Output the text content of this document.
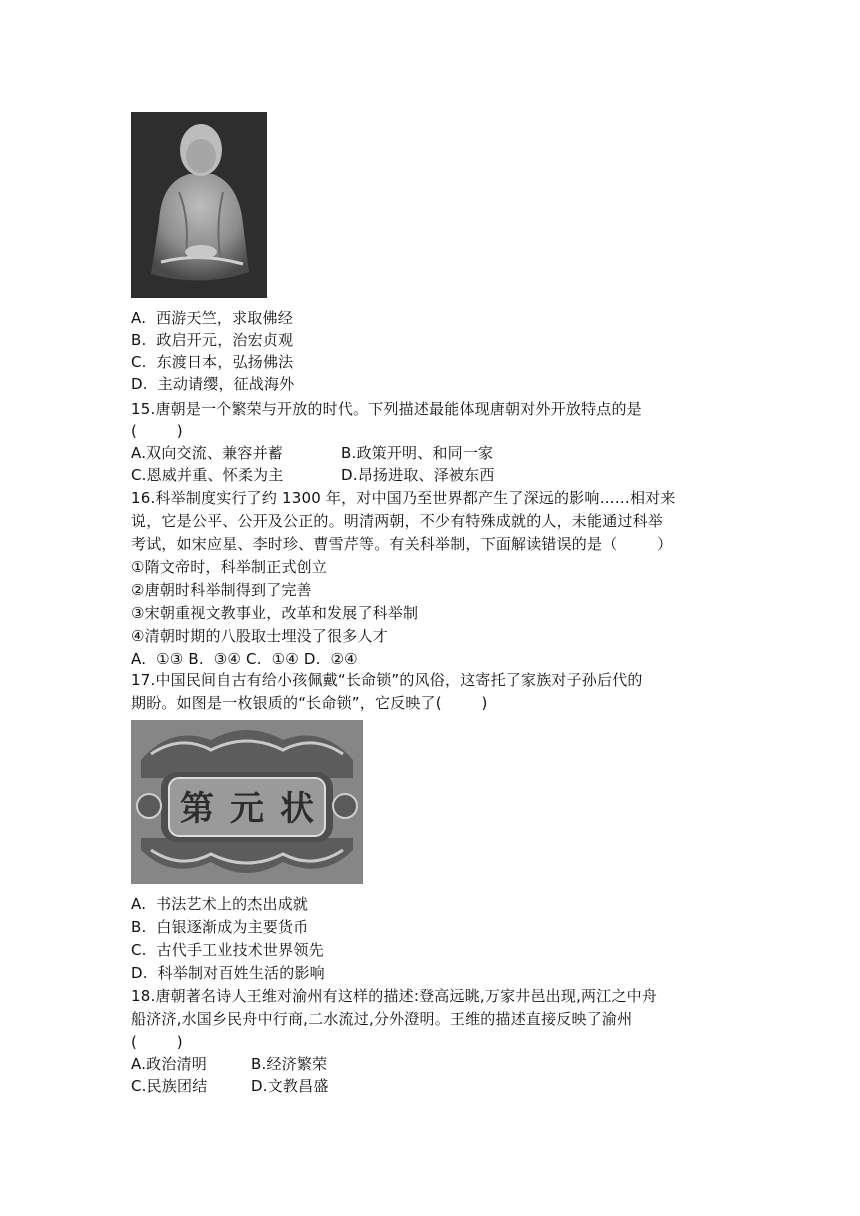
A.  西游天竺，求取佛经
B.  政启开元，治宏贞观
C.  东渡日本，弘扬佛法
D.  主动请缨，征战海外
15.唐朝是一个繁荣与开放的时代。下列描述最能体现唐朝对外开放特点的是
(        )
A.双向交流、兼容并蓄	B.政策开明、和同一家
C.恩威并重、怀柔为主	D.昂扬进取、泽被东西
16.科举制度实行了约 1300 年，对中国乃至世界都产生了深远的影响……相对来
说，它是公平、公开及公正的。明清两朝，不少有特殊成就的人，未能通过科举
考试，如宋应星、李时珍、曹雪芹等。有关科举制，下面解读错误的是（        ）
①隋文帝时，科举制正式创立
②唐朝时科举制得到了完善
③宋朝重视文教事业，改革和发展了科举制
④清朝时期的八股取士埋没了很多人才
A.  ①③ B.  ③④ C.  ①④ D.  ②④
17.中国民间自古有给小孩佩戴“长命锁”的风俗，这寄托了家族对子孙后代的
期盼。如图是一枚银质的“长命锁”，它反映了(        )
第 元 状
A.  书法艺术上的杰出成就
B.  白银逐渐成为主要货币
C.  古代手工业技术世界领先
D.  科举制对百姓生活的影响
18.唐朝著名诗人王维对渝州有这样的描述:登高远眺,万家井邑出现,两江之中舟
船济济,水国乡民舟中行商,二水流过,分外澄明。王维的描述直接反映了渝州
(        )
A.政治清明	B.经济繁荣
C.民族团结	D.文教昌盛
